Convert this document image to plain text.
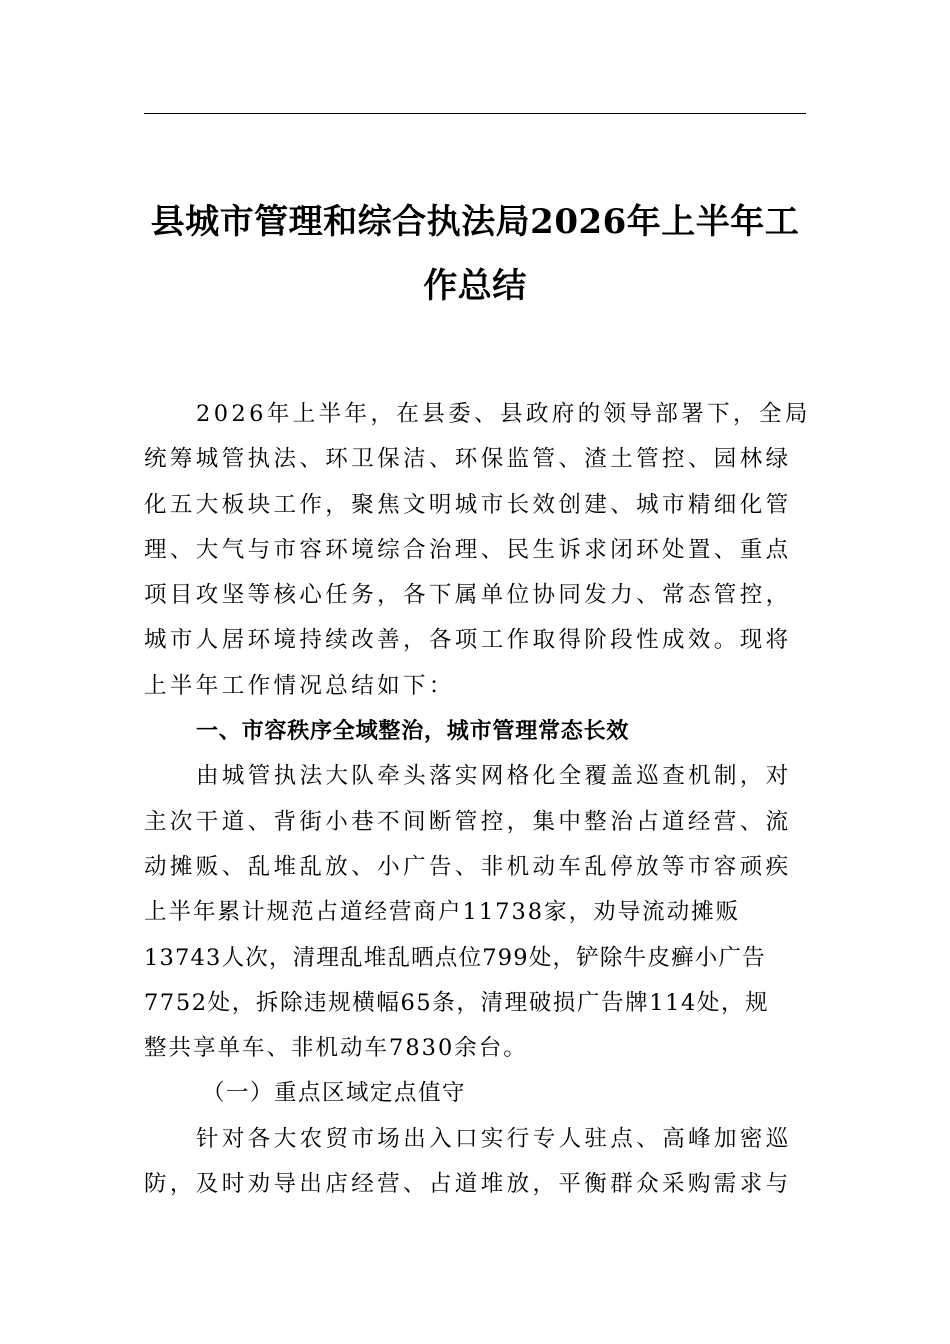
县城市管理和综合执法局2026年上半年工
作总结
2026年上半年，在县委、县政府的领导部署下，全局
统筹城管执法、环卫保洁、环保监管、渣土管控、园林绿
化五大板块工作，聚焦文明城市长效创建、城市精细化管
理、大气与市容环境综合治理、民生诉求闭环处置、重点
项目攻坚等核心任务，各下属单位协同发力、常态管控，
城市人居环境持续改善，各项工作取得阶段性成效。现将
上半年工作情况总结如下：
一、市容秩序全域整治，城市管理常态长效
由城管执法大队牵头落实网格化全覆盖巡查机制，对
主次干道、背街小巷不间断管控，集中整治占道经营、流
动摊贩、乱堆乱放、小广告、非机动车乱停放等市容顽疾
上半年累计规范占道经营商户11738家，劝导流动摊贩
13743人次，清理乱堆乱晒点位799处，铲除牛皮癣小广告
7752处，拆除违规横幅65条，清理破损广告牌114处，规
整共享单车、非机动车7830余台。
（一）重点区域定点值守
针对各大农贸市场出入口实行专人驻点、高峰加密巡
防，及时劝导出店经营、占道堆放，平衡群众采购需求与
